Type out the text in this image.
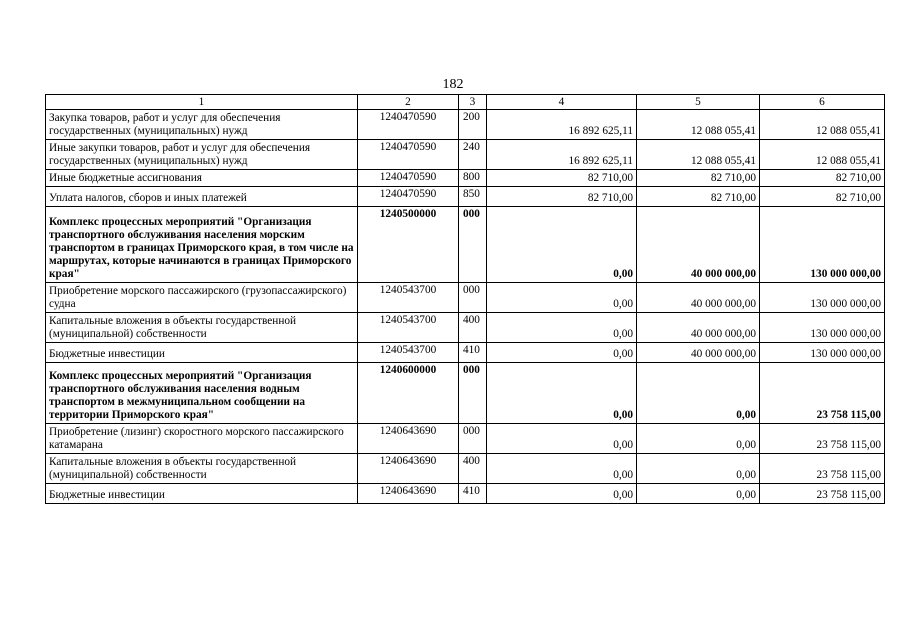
182
1	2	3	4	5	6
Закупка товаров, работ и услуг для обеспечения государственных (муниципальных) нужд	1240470590	200	16 892 625,11	12 088 055,41	12 088 055,41
Иные закупки товаров, работ и услуг для обеспечения государственных (муниципальных) нужд	1240470590	240	16 892 625,11	12 088 055,41	12 088 055,41
Иные бюджетные ассигнования	1240470590	800	82 710,00	82 710,00	82 710,00
Уплата налогов, сборов и иных платежей	1240470590	850	82 710,00	82 710,00	82 710,00
Комплекс процессных мероприятий "Организация транспортного обслуживания населения морским транспортом в границах Приморского края, в том числе на маршрутах, которые начинаются в границах Приморского края"	1240500000	000	0,00	40 000 000,00	130 000 000,00
Приобретение морского пассажирского (грузопассажирского) судна	1240543700	000	0,00	40 000 000,00	130 000 000,00
Капитальные вложения в объекты государственной (муниципальной) собственности	1240543700	400	0,00	40 000 000,00	130 000 000,00
Бюджетные инвестиции	1240543700	410	0,00	40 000 000,00	130 000 000,00
Комплекс процессных мероприятий "Организация транспортного обслуживания населения водным транспортом в межмуниципальном сообщении на территории Приморского края"	1240600000	000	0,00	0,00	23 758 115,00
Приобретение (лизинг) скоростного морского пассажирского катамарана	1240643690	000	0,00	0,00	23 758 115,00
Капитальные вложения в объекты государственной (муниципальной) собственности	1240643690	400	0,00	0,00	23 758 115,00
Бюджетные инвестиции	1240643690	410	0,00	0,00	23 758 115,00
